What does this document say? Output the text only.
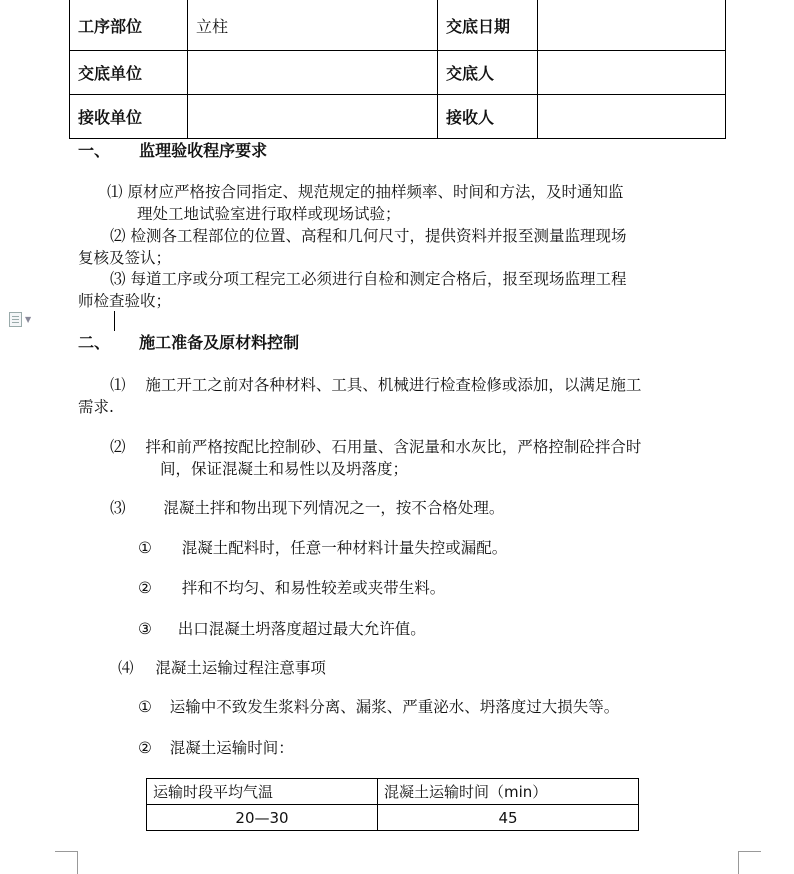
工序部位	立柱	交底日期	
交底单位		交底人	
接收单位		接收人	
一、 监理验收程序要求
⑴ 原材应严格按合同指定、规范规定的抽样频率、时间和方法，及时通知监
理处工地试验室进行取样或现场试验；
⑵ 检测各工程部位的位置、高程和几何尺寸，提供资料并报至测量监理现场
复核及签认；
⑶ 每道工序或分项工程完工必须进行自检和测定合格后，报至现场监理工程
师检查验收；
▼
二、 施工准备及原材料控制
⑴ 施工开工之前对各种材料、工具、机械进行检查检修或添加，以满足施工
需求.
⑵ 拌和前严格按配比控制砂、石用量、含泥量和水灰比，严格控制砼拌合时
间，保证混凝土和易性以及坍落度；
⑶ 混凝土拌和物出现下列情况之一，按不合格处理。
① 混凝土配料时，任意一种材料计量失控或漏配。
② 拌和不均匀、和易性较差或夹带生料。
③ 出口混凝土坍落度超过最大允许值。
⑷ 混凝土运输过程注意事项
① 运输中不致发生浆料分离、漏浆、严重泌水、坍落度过大损失等。
② 混凝土运输时间：
运输时段平均气温	混凝土运输时间（min）
20—30	45
